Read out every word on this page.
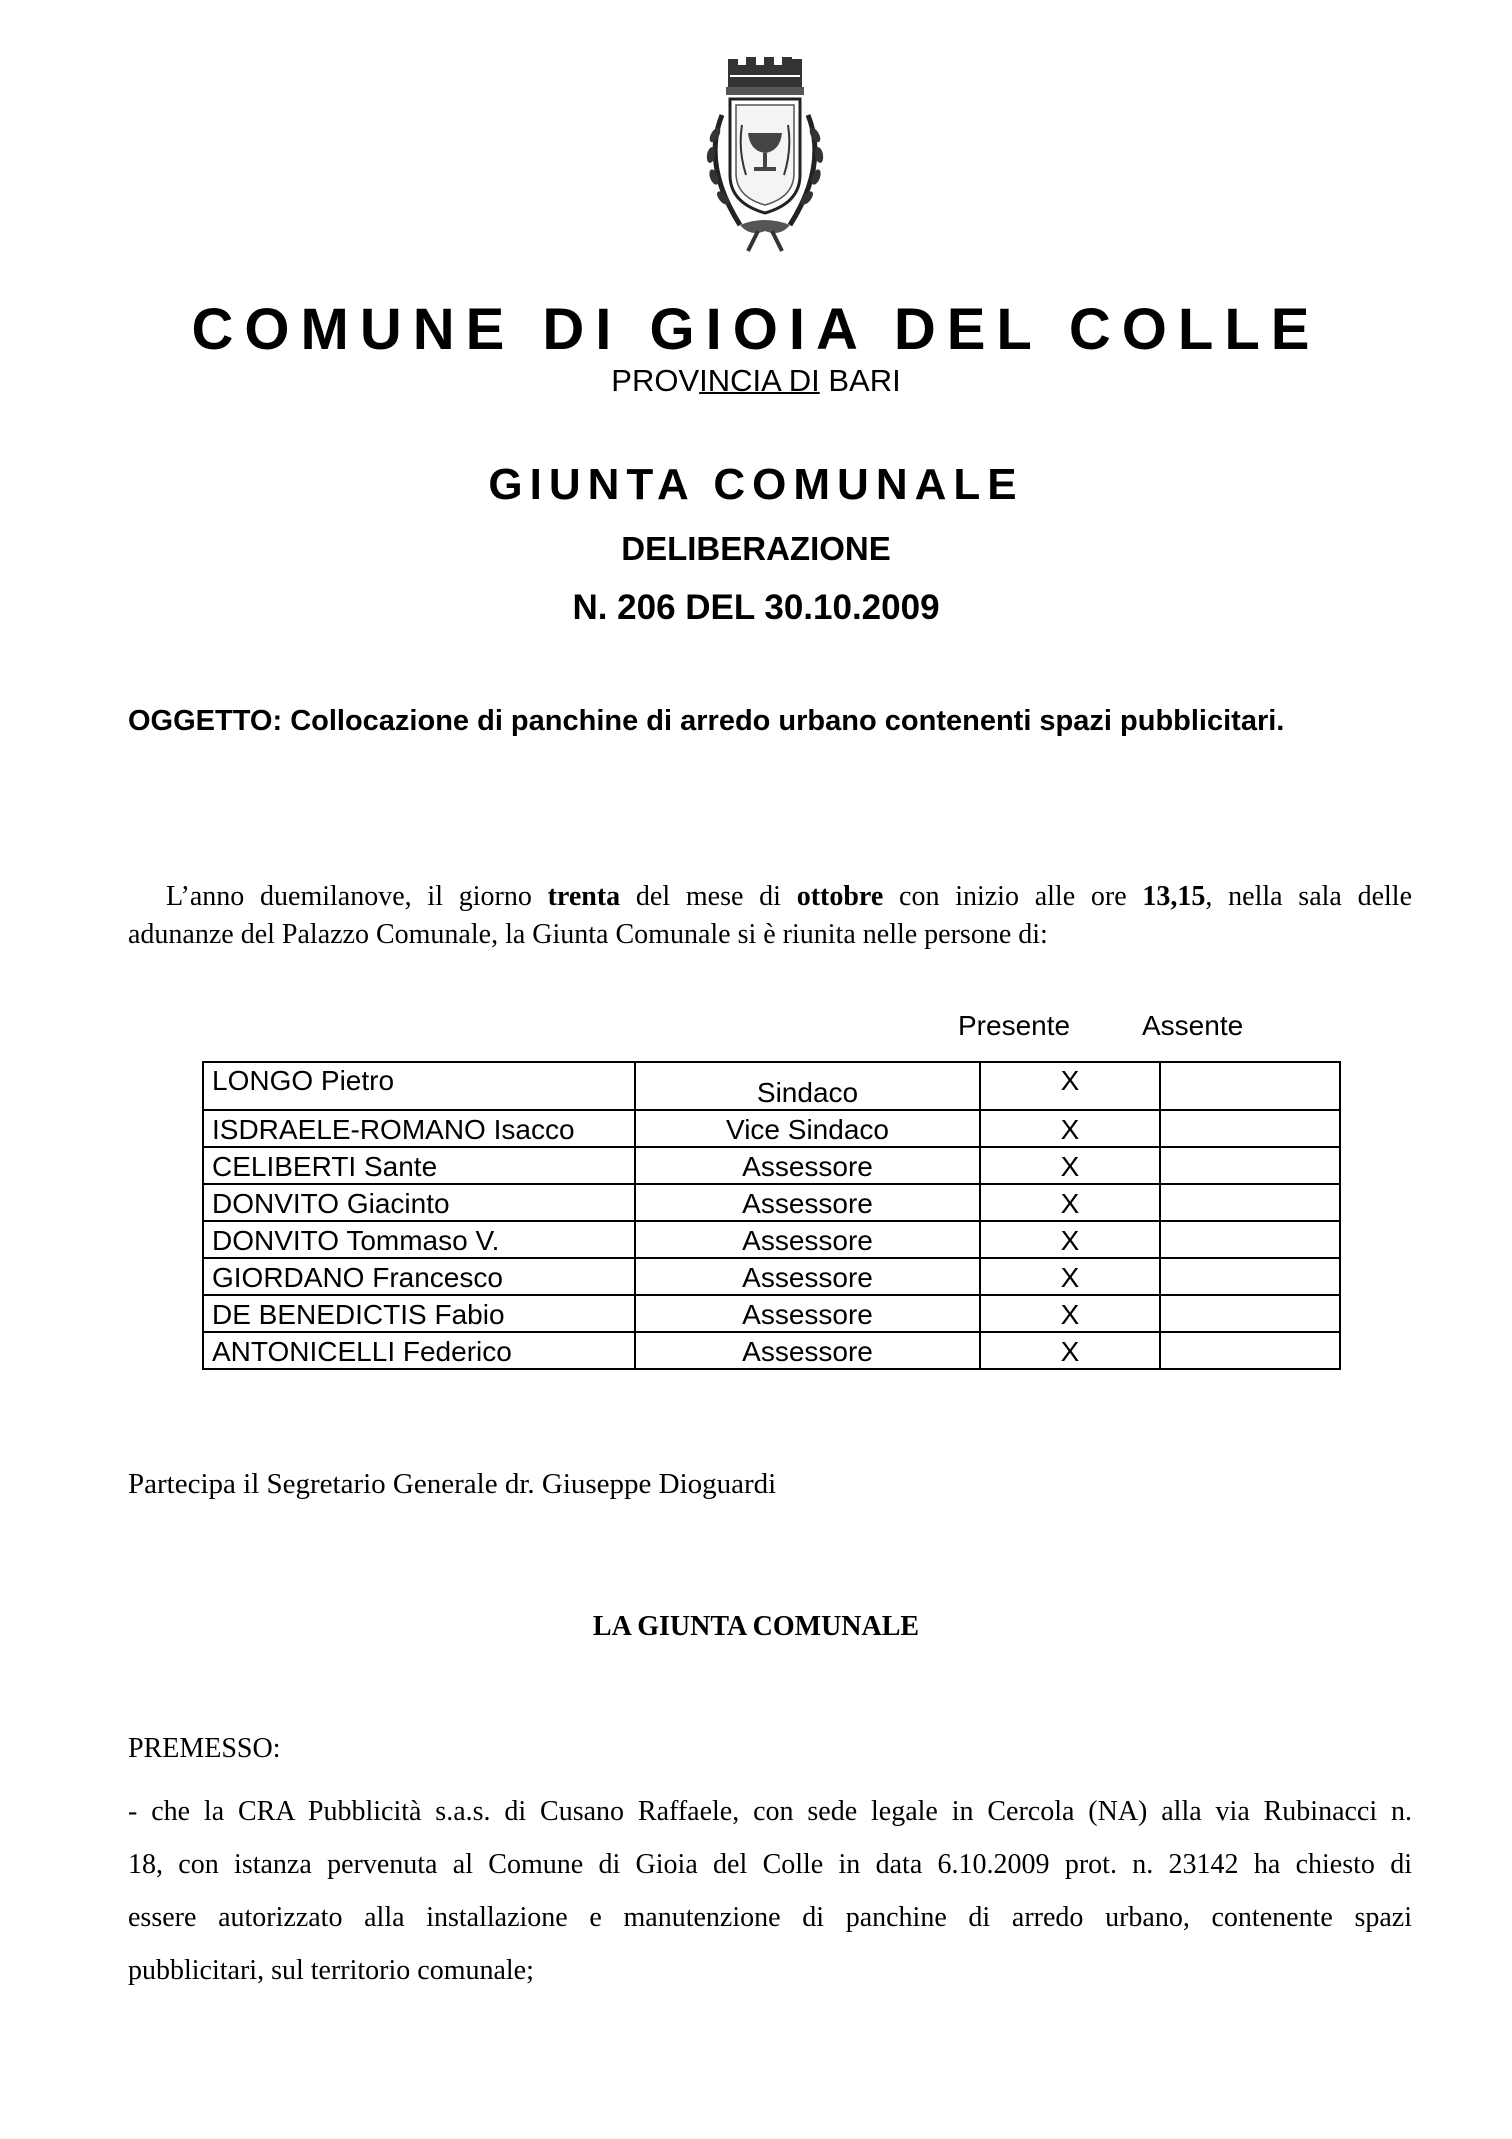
COMUNE DI GIOIA DEL COLLE
PROVINCIA DI BARI
GIUNTA COMUNALE
DELIBERAZIONE
N. 206 DEL 30.10.2009
OGGETTO: Collocazione di panchine di arredo urbano contenenti spazi pubblicitari.
L’anno duemilanove, il giorno trenta del mese di ottobre con inizio alle ore 13,15, nella sala delle
adunanze del Palazzo Comunale, la Giunta Comunale si è riunita nelle persone di:
Presente	Assente
LONGO Pietro	Sindaco	X	
ISDRAELE-ROMANO Isacco	Vice Sindaco	X	
CELIBERTI Sante	Assessore	X	
DONVITO Giacinto	Assessore	X	
DONVITO Tommaso V.	Assessore	X	
GIORDANO Francesco	Assessore	X	
DE BENEDICTIS Fabio	Assessore	X	
ANTONICELLI Federico	Assessore	X	
Partecipa il Segretario Generale dr. Giuseppe Dioguardi
LA GIUNTA COMUNALE
PREMESSO:
- che la CRA Pubblicità s.a.s. di Cusano Raffaele, con sede legale in Cercola (NA) alla via Rubinacci n.
18, con istanza pervenuta al Comune di Gioia del Colle in data 6.10.2009 prot. n. 23142 ha chiesto di
essere autorizzato alla installazione e manutenzione di panchine di arredo urbano, contenente spazi
pubblicitari, sul territorio comunale;
